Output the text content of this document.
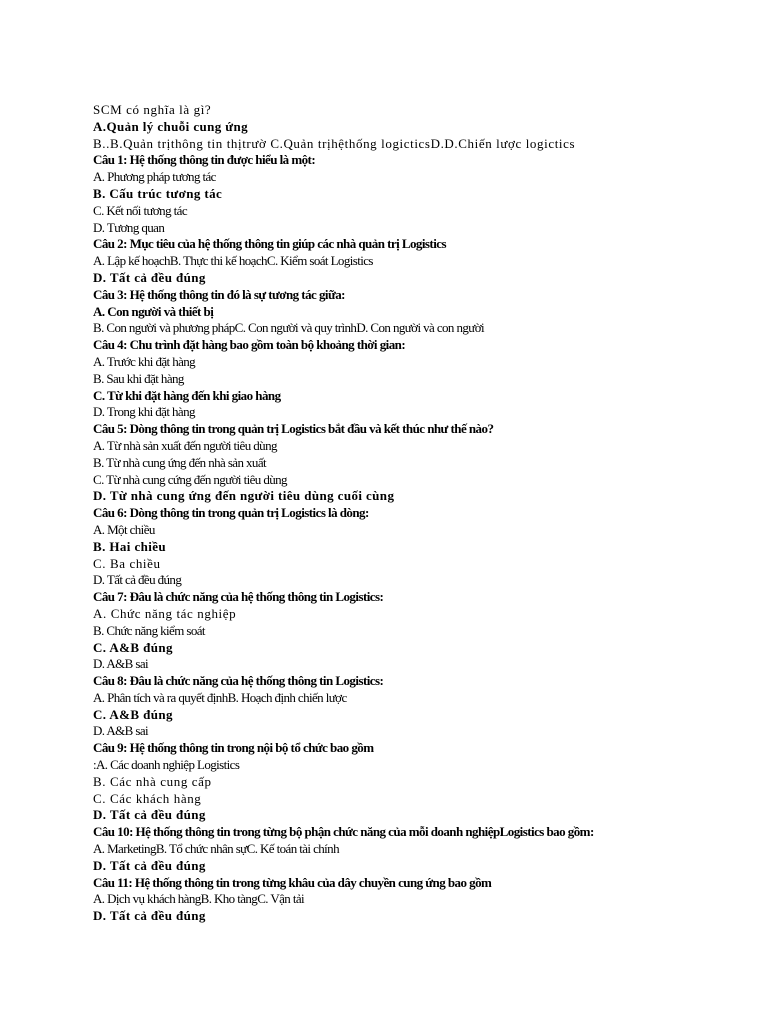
SCM có nghĩa là gì?
A.Quản lý chuỗi cung ứng
B..B.Quản trịthông tin thịtrườ C.Quản trịhệthống logicticsD.D.Chiến lược logictics
Câu 1: Hệ thống thông tin được hiểu là một:
A. Phương pháp tương tác
B. Cấu trúc tương tác
C. Kết nối tương tác
D. Tương quan
Câu 2: Mục tiêu của hệ thống thông tin giúp các nhà quản trị Logistics
A. Lập kế hoạchB. Thực thi kế hoạchC. Kiểm soát Logistics
D. Tất cả đều đúng
Câu 3: Hệ thống thông tin đó là sự tương tác giữa:
A. Con người và thiết bị
B. Con người và phương phápC. Con người và quy trìnhD. Con người và con người
Câu 4: Chu trình đặt hàng bao gồm toàn bộ khoảng thời gian:
A. Trước khi đặt hàng
B. Sau khi đặt hàng
C. Từ khi đặt hàng đến khi giao hàng
D. Trong khi đặt hàng
Câu 5: Dòng thông tin trong quản trị Logistics bắt đầu và kết thúc như thế nào?
A. Từ nhà sản xuất đến người tiêu dùng
B. Từ nhà cung ứng đến nhà sản xuất
C. Từ nhà cung cứng đến người tiêu dùng
D. Từ nhà cung ứng đến người tiêu dùng cuối cùng
Câu 6: Dòng thông tin trong quản trị Logistics là dòng:
A. Một chiều
B. Hai chiều
C. Ba chiều
D. Tất cả đều đúng
Câu 7: Đâu là chức năng của hệ thống thông tin Logistics:
A. Chức năng tác nghiệp
B. Chức năng kiểm soát
C. A&B đúng
D. A&B sai
Câu 8: Đâu là chức năng của hệ thống thông tin Logistics:
A. Phân tích và ra quyết địnhB. Hoạch định chiến lược
C. A&B đúng
D. A&B sai
Câu 9: Hệ thống thông tin trong nội bộ tổ chức bao gồm
:A. Các doanh nghiệp Logistics
B. Các nhà cung cấp
C. Các khách hàng
D. Tất cả đều đúng
Câu 10: Hệ thống thông tin trong từng bộ phận chức năng của mỗi doanh nghiệpLogistics bao gồm:
A. MarketingB. Tổ chức nhân sựC. Kế toán tài chính
D. Tất cả đều đúng
Câu 11: Hệ thống thông tin trong từng khâu của dây chuyền cung ứng bao gồm
A. Dịch vụ khách hàngB. Kho tàngC. Vận tải
D. Tất cả đều đúng
